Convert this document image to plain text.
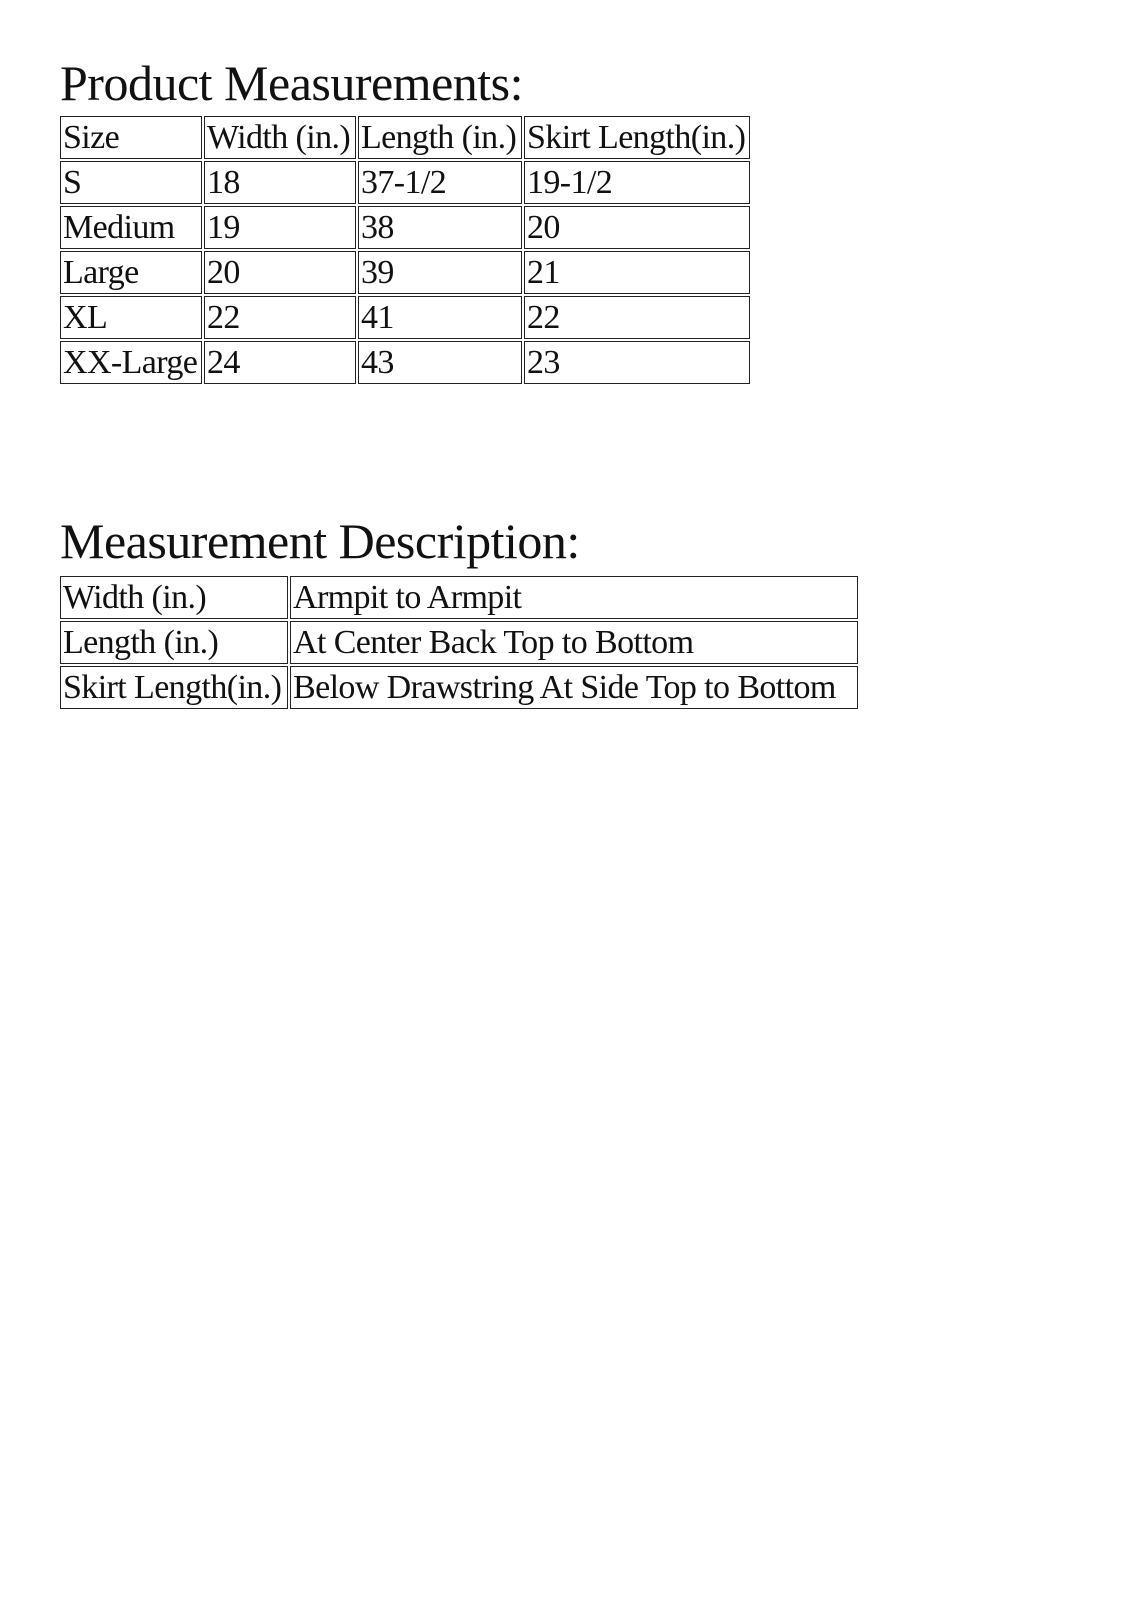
Product Measurements:
Size	Width (in.)	Length (in.)	Skirt Length(in.)
S	18	37-1/2	19-1/2
Medium	19	38	20
Large	20	39	21
XL	22	41	22
XX-Large	24	43	23
Measurement Description:
Width (in.)	Armpit to Armpit
Length (in.)	At Center Back Top to Bottom
Skirt Length(in.)	Below Drawstring At Side Top to Bottom
